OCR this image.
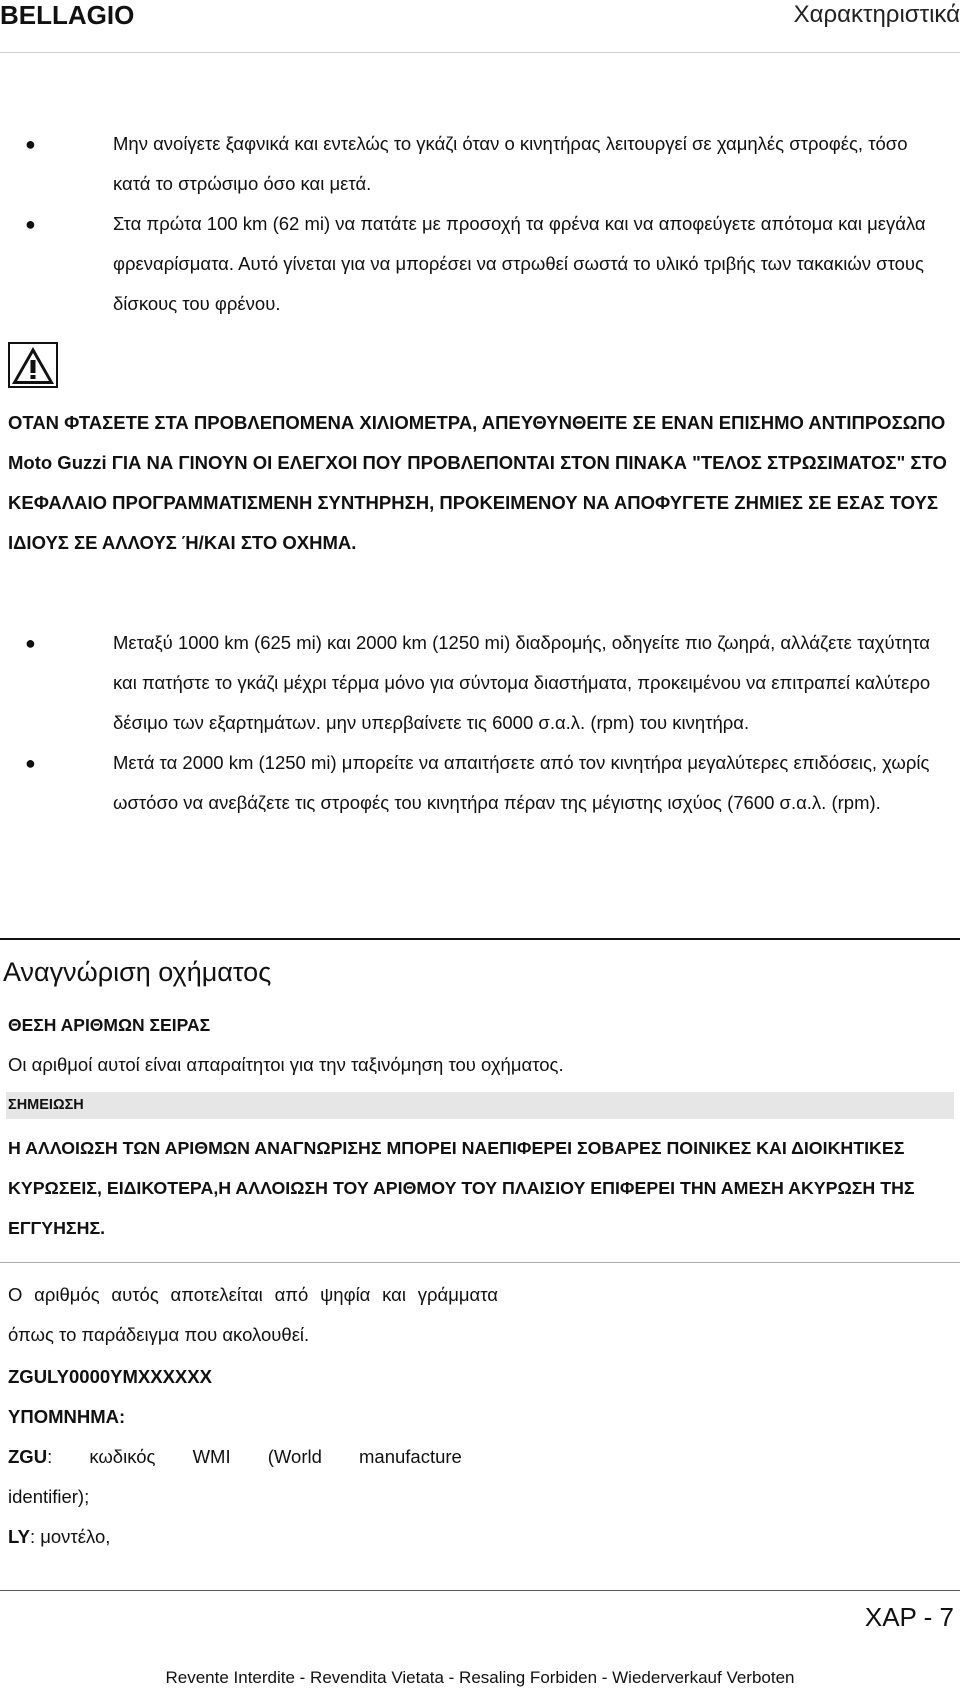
BELLAGIO	Χαρακτηριστικά
●	Μην ανοίγετε ξαφνικά και εντελώς το γκάζι όταν ο κινητήρας λειτουργεί σε χαμηλές στροφές, τόσο κατά το στρώσιμο όσο και μετά.
●	Στα πρώτα 100 km (62 mi) να πατάτε με προσοχή τα φρένα και να αποφεύγετε απότομα και μεγάλα φρεναρίσματα. Αυτό γίνεται για να μπορέσει να στρωθεί σωστά το υλικό τριβής των τακακιών στους δίσκους του φρένου.
ΟΤΑΝ ΦΤΑΣΕΤΕ ΣΤΑ ΠΡΟΒΛΕΠΟΜΕΝΑ ΧΙΛΙΟΜΕΤΡΑ, ΑΠΕΥΘΥΝΘΕΙΤΕ ΣΕ ΕΝΑΝ ΕΠΙΣΗΜΟ ΑΝΤΙΠΡΟΣΩΠΟ Moto Guzzi ΓΙΑ ΝΑ ΓΙΝΟΥΝ ΟΙ ΕΛΕΓΧΟΙ ΠΟΥ ΠΡΟΒΛΕΠΟΝΤΑΙ ΣΤΟΝ ΠΙΝΑΚΑ "ΤΕΛΟΣ ΣΤΡΩΣΙΜΑΤΟΣ" ΣΤΟ ΚΕΦΑΛΑΙΟ ΠΡΟΓΡΑΜΜΑΤΙΣΜΕΝΗ ΣΥΝΤΗΡΗΣΗ, ΠΡΟΚΕΙΜΕΝΟΥ ΝΑ ΑΠΟΦΥΓΕΤΕ ΖΗΜΙΕΣ ΣΕ ΕΣΑΣ ΤΟΥΣ ΙΔΙΟΥΣ ΣΕ ΑΛΛΟΥΣ Ή/ΚΑΙ ΣΤΟ ΟΧΗΜΑ.
●	Μεταξύ 1000 km (625 mi) και 2000 km (1250 mi) διαδρομής, οδηγείτε πιο ζωηρά, αλλάζετε ταχύτητα και πατήστε το γκάζι μέχρι τέρμα μόνο για σύντομα διαστήματα, προκειμένου να επιτραπεί καλύτερο δέσιμο των εξαρτημάτων. μην υπερβαίνετε τις 6000 σ.α.λ. (rpm) του κινητήρα.
●	Μετά τα 2000 km (1250 mi) μπορείτε να απαιτήσετε από τον κινητήρα μεγαλύτερες επιδόσεις, χωρίς ωστόσο να ανεβάζετε τις στροφές του κινητήρα πέραν της μέγιστης ισχύος (7600 σ.α.λ. (rpm).
Αναγνώριση οχήματος
ΘΕΣΗ ΑΡΙΘΜΩΝ ΣΕΙΡΑΣ
Οι αριθμοί αυτοί είναι απαραίτητοι για την ταξινόμηση του οχήματος.
ΣΗΜΕΙΩΣΗ
Η ΑΛΛΟΙΩΣΗ ΤΩΝ ΑΡΙΘΜΩΝ ΑΝΑΓΝΩΡΙΣΗΣ ΜΠΟΡΕΙ ΝΑΕΠΙΦΕΡΕΙ ΣΟΒΑΡΕΣ ΠΟΙΝΙΚΕΣ ΚΑΙ ΔΙΟΙΚΗΤΙΚΕΣ ΚΥΡΩΣΕΙΣ, ΕΙΔΙΚΟΤΕΡΑ,Η ΑΛΛΟΙΩΣΗ ΤΟΥ ΑΡΙΘΜΟΥ ΤΟΥ ΠΛΑΙΣΙΟΥ ΕΠΙΦΕΡΕΙ ΤΗΝ ΑΜΕΣΗ ΑΚΥΡΩΣΗ ΤΗΣ ΕΓΓΥΗΣΗΣ.
Ο αριθμός αυτός αποτελείται από ψηφία και γράμματα όπως το παράδειγμα που ακολουθεί.
ZGULY0000YMXXXXXX
ΥΠΟΜΝΗΜΑ:
ZGU: κωδικός WMI (World manufacture identifier);
LY: μοντέλο,
ΧΑΡ - 7
Revente Interdite - Revendita Vietata - Resaling Forbiden - Wiederverkauf Verboten
